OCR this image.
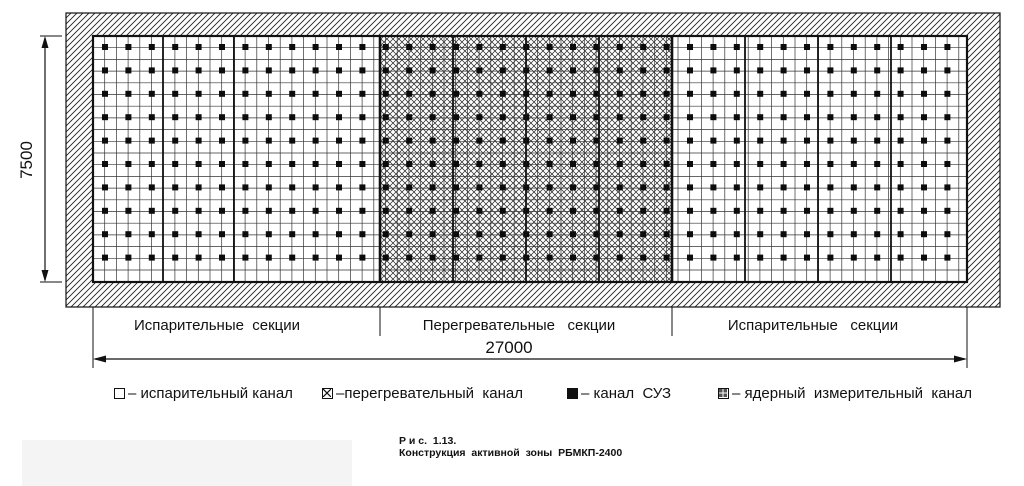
7500
Испарительные  секции	Перегревательные   секции	Испарительные   секции
27000
– испарительный канал	–перегревательный  канал	– канал  СУЗ	– ядерный  измерительный  канал
Р и с.  1.13.
Конструкция  активной  зоны  РБМКП-2400
